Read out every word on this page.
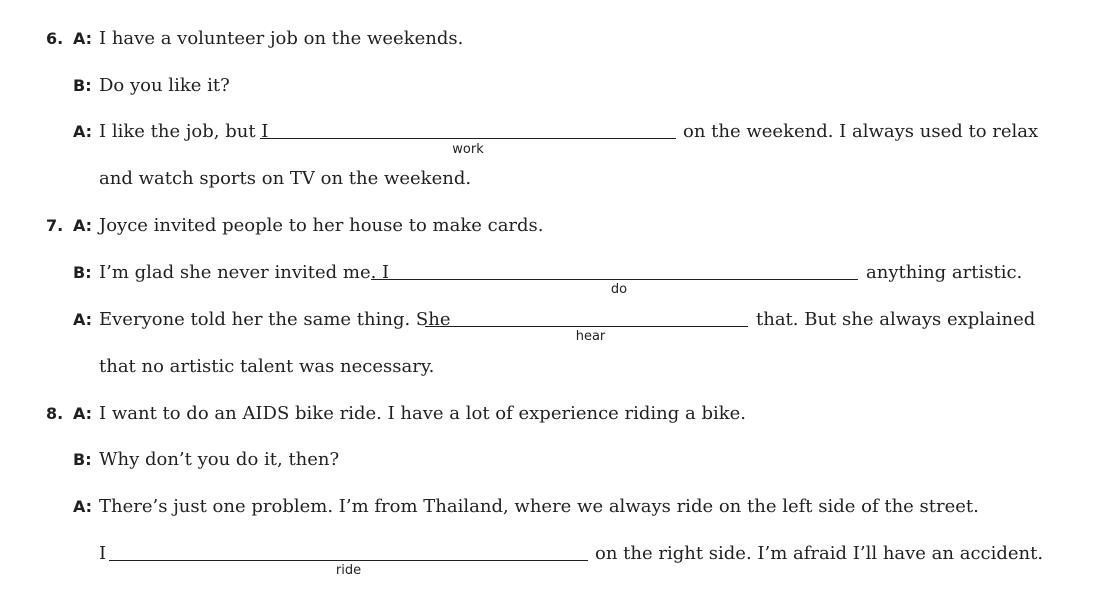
6. A: I have a volunteer job on the weekends.
B: Do you like it?
A: I like the job, but I
work
on the weekend. I always used to relax
and watch sports on TV on the weekend.
7. A: Joyce invited people to her house to make cards.
B: I’m glad she never invited me. I
do
anything artistic.
A: Everyone told her the same thing. She
hear
that. But she always explained
that no artistic talent was necessary.
8. A: I want to do an AIDS bike ride. I have a lot of experience riding a bike.
B: Why don’t you do it, then?
A: There’s just one problem. I’m from Thailand, where we always ride on the left side of the street.
I
ride
on the right side. I’m afraid I’ll have an accident.
